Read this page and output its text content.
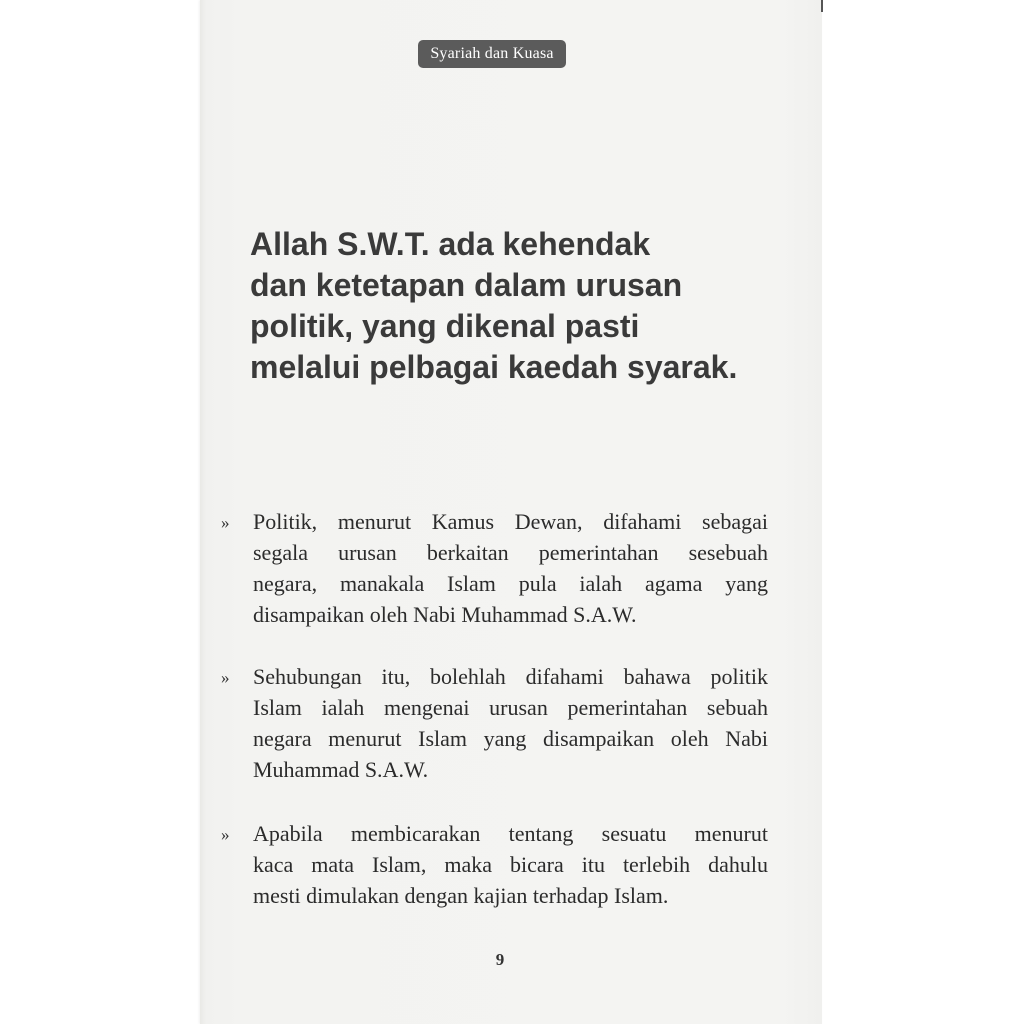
Syariah dan Kuasa
Allah S.W.T. ada kehendak
dan ketetapan dalam urusan
politik, yang dikenal pasti
melalui pelbagai kaedah syarak.
» Politik, menurut Kamus Dewan, difahami sebagai
segala urusan berkaitan pemerintahan sesebuah
negara, manakala Islam pula ialah agama yang
disampaikan oleh Nabi Muhammad S.A.W.
» Sehubungan itu, bolehlah difahami bahawa politik
Islam ialah mengenai urusan pemerintahan sebuah
negara menurut Islam yang disampaikan oleh Nabi
Muhammad S.A.W.
» Apabila membicarakan tentang sesuatu menurut
kaca mata Islam, maka bicara itu terlebih dahulu
mesti dimulakan dengan kajian terhadap Islam.
9
